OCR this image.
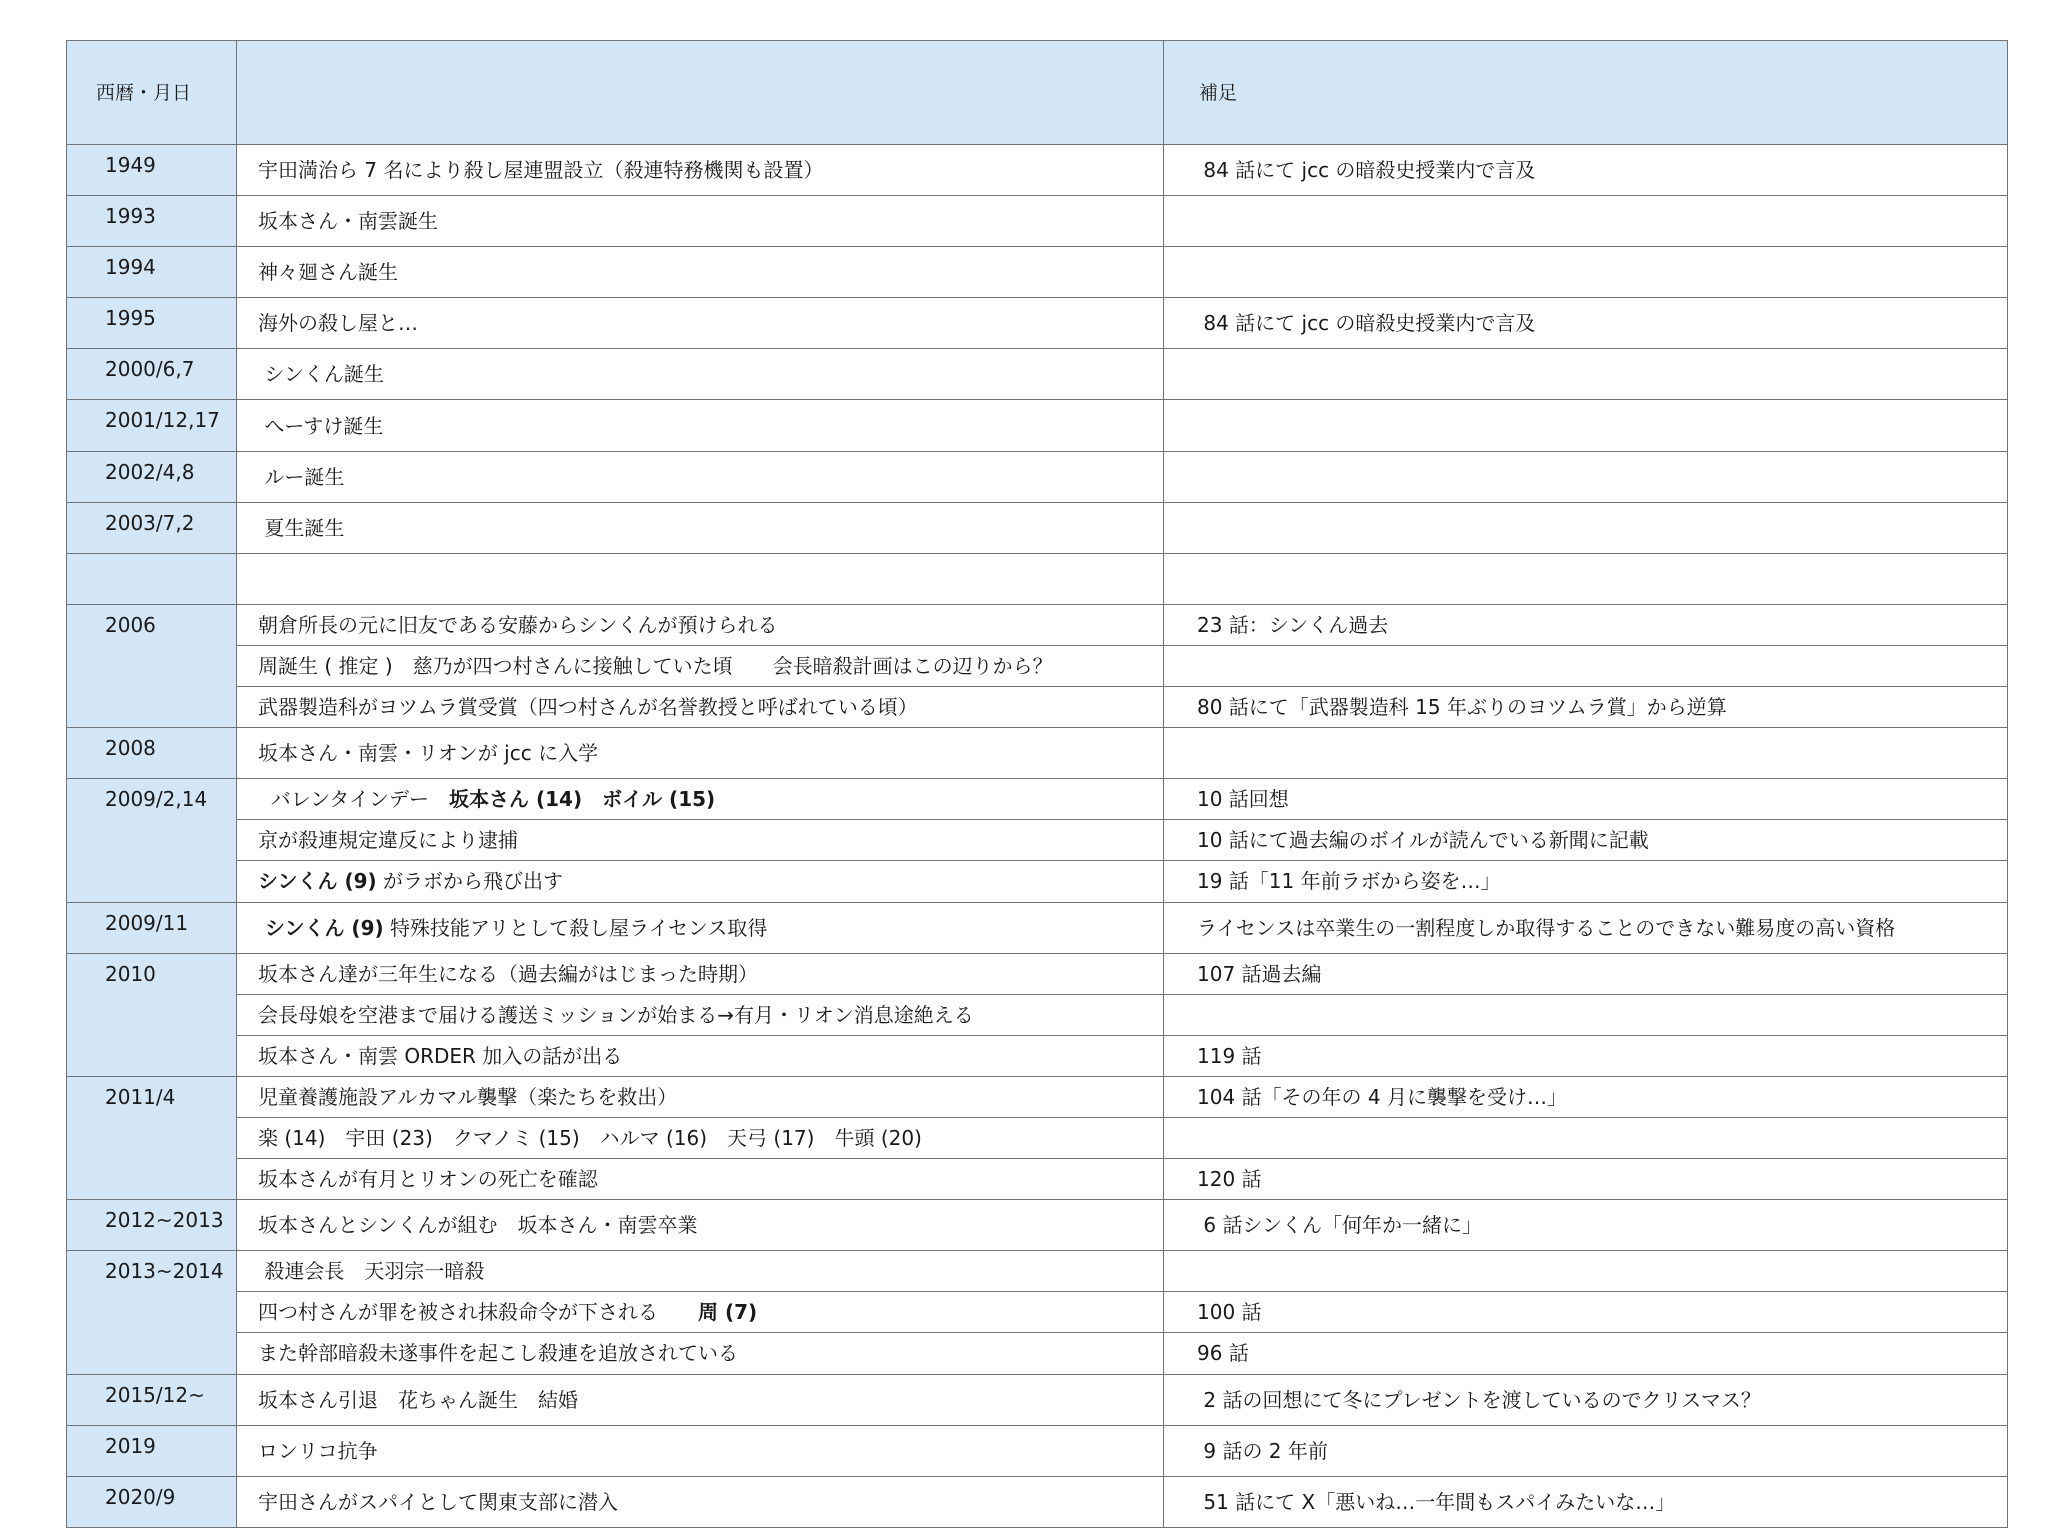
西暦・月日		補足
1949	宇田満治ら 7 名により殺し屋連盟設立（殺連特務機関も設置）	84 話にて jcc の暗殺史授業内で言及
1993	坂本さん・南雲誕生	
1994	神々廻さん誕生	
1995	海外の殺し屋と…	84 話にて jcc の暗殺史授業内で言及
2000/6,7	シンくん誕生	
2001/12,17	へーすけ誕生	
2002/4,8	ルー誕生	
2003/7,2	夏生誕生	

2006	朝倉所長の元に旧友である安藤からシンくんが預けられる	23 話：シンくん過去
	周誕生 ( 推定 )　慈乃が四つ村さんに接触していた頃　　会長暗殺計画はこの辺りから？	
	武器製造科がヨツムラ賞受賞（四つ村さんが名誉教授と呼ばれている頃）	80 話にて「武器製造科 15 年ぶりのヨツムラ賞」から逆算
2008	坂本さん・南雲・リオンが jcc に入学	
2009/2,14	バレンタインデー　坂本さん (14)　ボイル (15)	10 話回想
	京が殺連規定違反により逮捕	10 話にて過去編のボイルが読んでいる新聞に記載
	シンくん (9) がラボから飛び出す	19 話「11 年前ラボから姿を…」
2009/11	シンくん (9) 特殊技能アリとして殺し屋ライセンス取得	ライセンスは卒業生の一割程度しか取得することのできない難易度の高い資格
2010	坂本さん達が三年生になる（過去編がはじまった時期）	107 話過去編
	会長母娘を空港まで届ける護送ミッションが始まる→有月・リオン消息途絶える	
	坂本さん・南雲 ORDER 加入の話が出る	119 話
2011/4	児童養護施設アルカマル襲撃（楽たちを救出）	104 話「その年の 4 月に襲撃を受け…」
	楽 (14)　宇田 (23)　クマノミ (15)　ハルマ (16)　天弓 (17)　牛頭 (20)	
	坂本さんが有月とリオンの死亡を確認	120 話
2012~2013	坂本さんとシンくんが組む　坂本さん・南雲卒業	6 話シンくん「何年か一緒に」
2013~2014	殺連会長　天羽宗一暗殺	
	四つ村さんが罪を被され抹殺命令が下される　　周 (7)	100 話
	また幹部暗殺未遂事件を起こし殺連を追放されている	96 話
2015/12~	坂本さん引退　花ちゃん誕生　結婚	2 話の回想にて冬にプレゼントを渡しているのでクリスマス？
2019	ロンリコ抗争	9 話の 2 年前
2020/9	宇田さんがスパイとして関東支部に潜入	51 話にて X「悪いね…一年間もスパイみたいな…」
